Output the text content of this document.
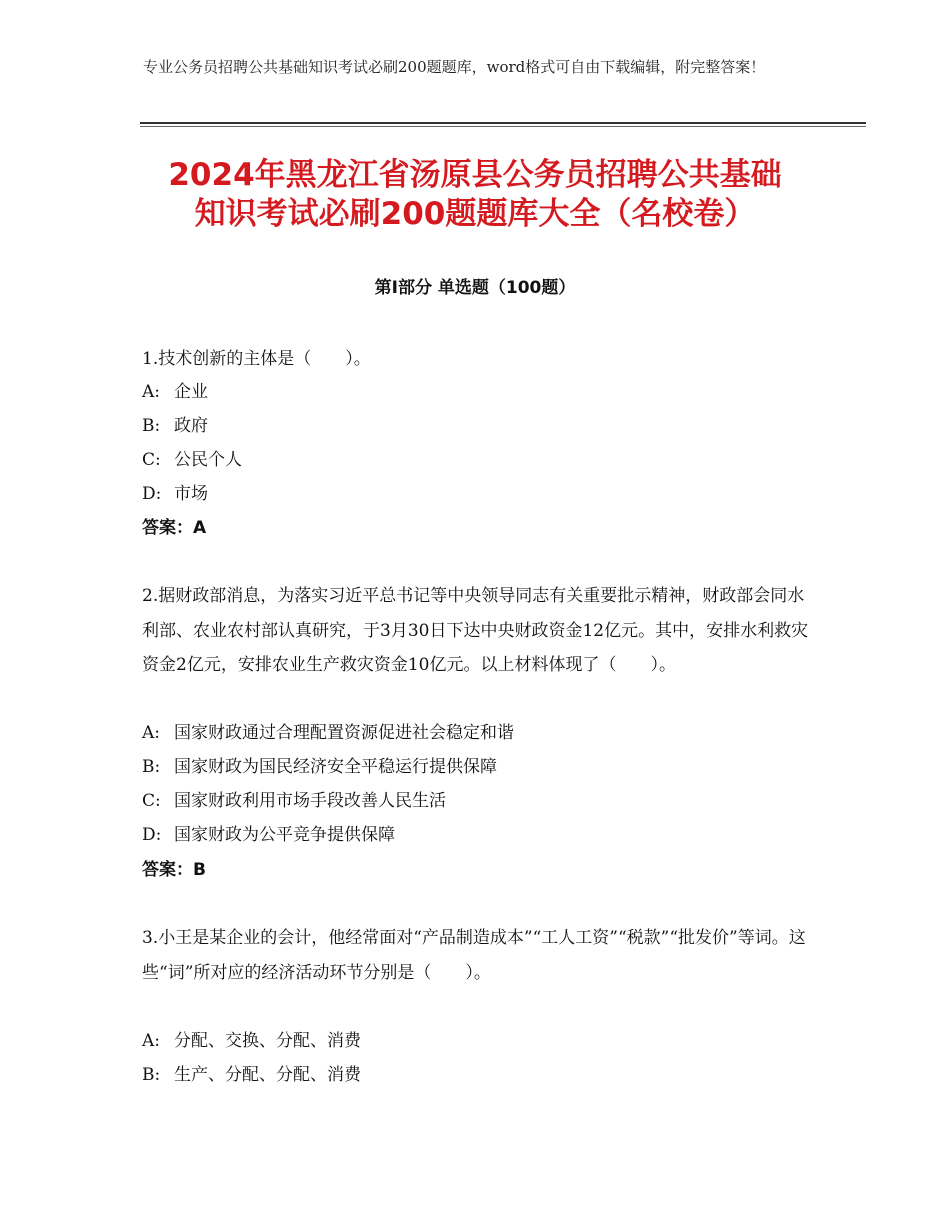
专业公务员招聘公共基础知识考试必刷200题题库，word格式可自由下载编辑，附完整答案！
2024年黑龙江省汤原县公务员招聘公共基础
知识考试必刷200题题库大全（名校卷）
第Ⅰ部分 单选题（100题）
1.技术创新的主体是（　　）。
A: 企业
B: 政府
C: 公民个人
D: 市场
答案：A
2.据财政部消息，为落实习近平总书记等中央领导同志有关重要批示精神，财政部会同水利部、农业农村部认真研究，于3月30日下达中央财政资金12亿元。其中，安排水利救灾资金2亿元，安排农业生产救灾资金10亿元。以上材料体现了（　　）。
A: 国家财政通过合理配置资源促进社会稳定和谐
B: 国家财政为国民经济安全平稳运行提供保障
C: 国家财政利用市场手段改善人民生活
D: 国家财政为公平竞争提供保障
答案：B
3.小王是某企业的会计，他经常面对“产品制造成本”“工人工资”“税款”“批发价”等词。这些“词”所对应的经济活动环节分别是（　　）。
A: 分配、交换、分配、消费
B: 生产、分配、分配、消费
